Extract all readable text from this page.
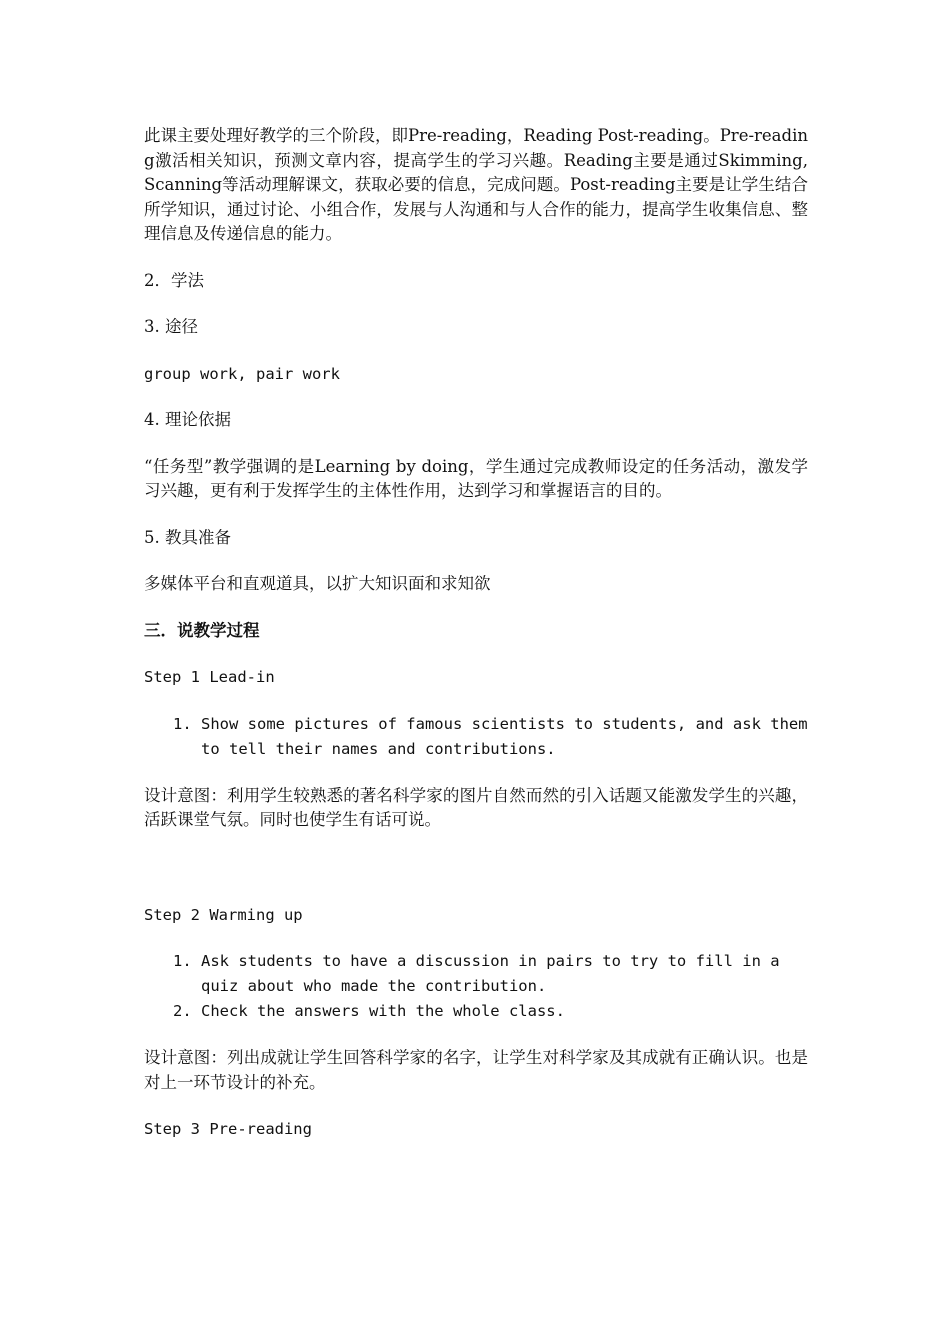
此课主要处理好教学的三个阶段，即Pre-reading，Reading Post-reading。Pre-reading激活相关知识，预测文章内容，提高学生的学习兴趣。Reading主要是通过Skimming, Scanning等活动理解课文，获取必要的信息，完成问题。Post-reading主要是让学生结合所学知识，通过讨论、小组合作，发展与人沟通和与人合作的能力，提高学生收集信息、整理信息及传递信息的能力。

2．学法

3. 途径

group work, pair work

4. 理论依据

“任务型”教学强调的是Learning by doing，学生通过完成教师设定的任务活动，激发学习兴趣，更有利于发挥学生的主体性作用，达到学习和掌握语言的目的。

5. 教具准备

多媒体平台和直观道具，以扩大知识面和求知欲

三．说教学过程

Step 1 Lead-in

1. Show some pictures of famous scientists to students, and ask them to tell their names and contributions.

设计意图：利用学生较熟悉的著名科学家的图片自然而然的引入话题又能激发学生的兴趣，活跃课堂气氛。同时也使学生有话可说。

Step 2 Warming up

1. Ask students to have a discussion in pairs to try to fill in a quiz about who made the contribution.
2. Check the answers with the whole class.

设计意图：列出成就让学生回答科学家的名字，让学生对科学家及其成就有正确认识。也是对上一环节设计的补充。

Step 3 Pre-reading
